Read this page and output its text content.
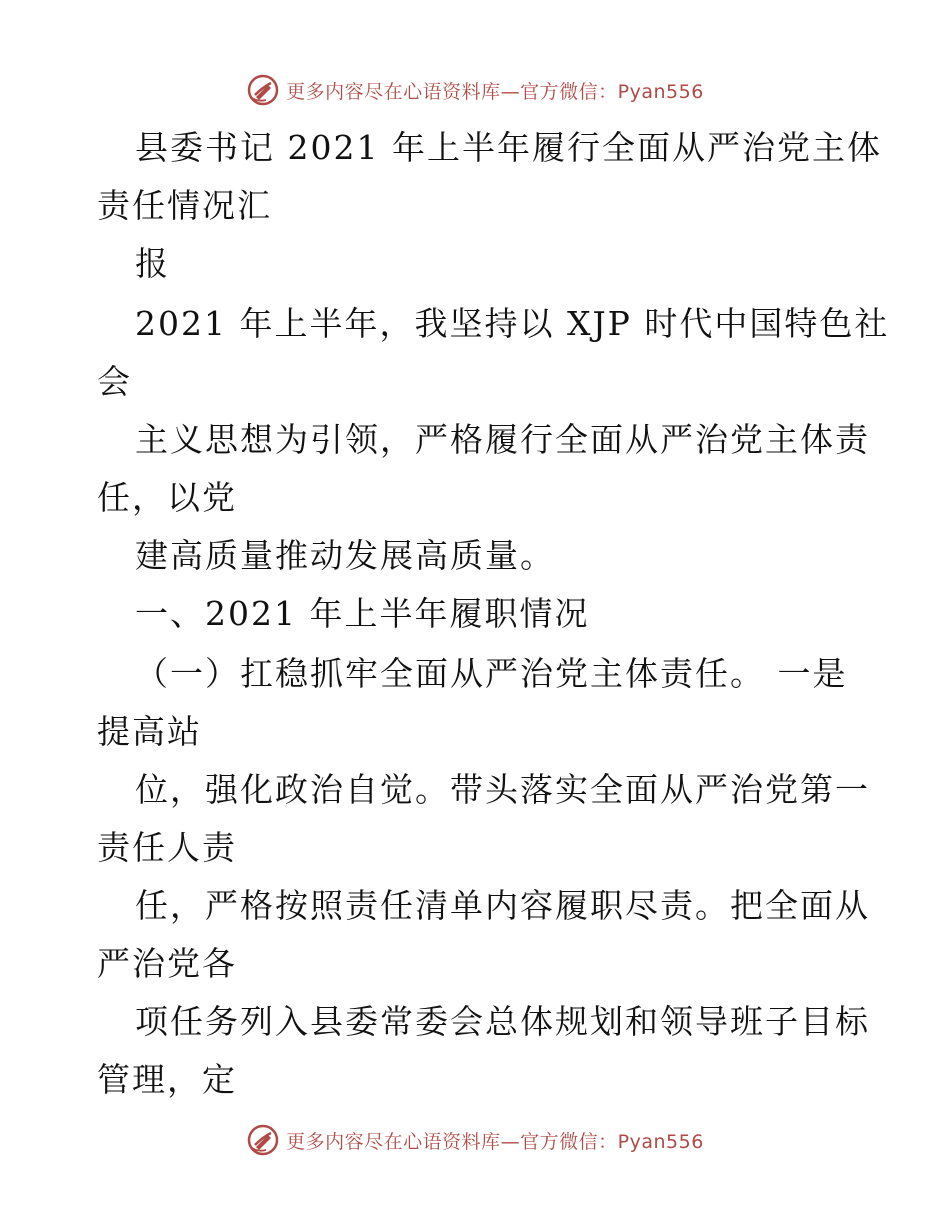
更多内容尽在心语资料库—官方微信：Pyan556
县委书记 2021 年上半年履行全面从严治党主体
责任情况汇
报
2021 年上半年，我坚持以 XJP 时代中国特色社
会
主义思想为引领，严格履行全面从严治党主体责
任，以党
建高质量推动发展高质量。
一、2021 年上半年履职情况
（一）扛稳抓牢全面从严治党主体责任。 一是
提高站
位，强化政治自觉。带头落实全面从严治党第一
责任人责
任，严格按照责任清单内容履职尽责。把全面从
严治党各
项任务列入县委常委会总体规划和领导班子目标
管理，定
更多内容尽在心语资料库—官方微信：Pyan556
